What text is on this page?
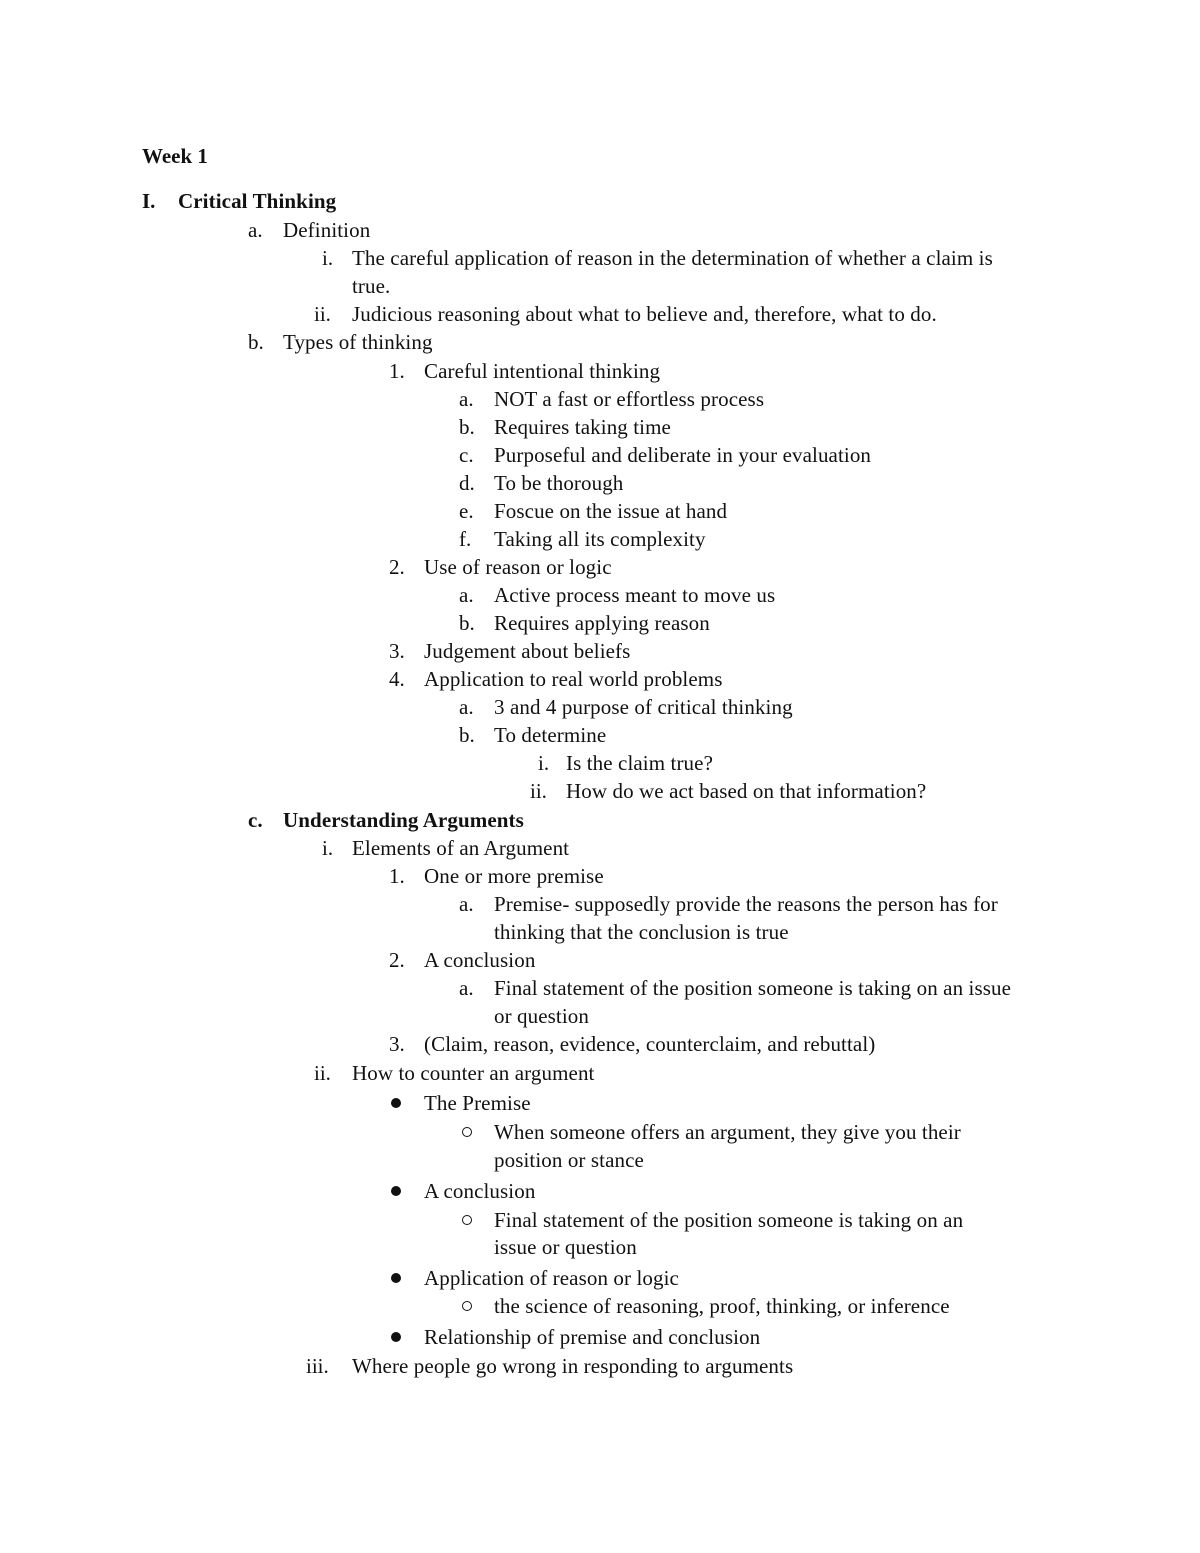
Week 1
I. Critical Thinking
a. Definition
i. The careful application of reason in the determination of whether a claim is
true.
ii. Judicious reasoning about what to believe and, therefore, what to do.
b. Types of thinking
1. Careful intentional thinking
a. NOT a fast or effortless process
b. Requires taking time
c. Purposeful and deliberate in your evaluation
d. To be thorough
e. Foscue on the issue at hand
f. Taking all its complexity
2. Use of reason or logic
a. Active process meant to move us
b. Requires applying reason
3. Judgement about beliefs
4. Application to real world problems
a. 3 and 4 purpose of critical thinking
b. To determine
i. Is the claim true?
ii. How do we act based on that information?
c. Understanding Arguments
i. Elements of an Argument
1. One or more premise
a. Premise- supposedly provide the reasons the person has for
thinking that the conclusion is true
2. A conclusion
a. Final statement of the position someone is taking on an issue
or question
3. (Claim, reason, evidence, counterclaim, and rebuttal)
ii. How to counter an argument
The Premise
When someone offers an argument, they give you their
position or stance
A conclusion
Final statement of the position someone is taking on an
issue or question
Application of reason or logic
the science of reasoning, proof, thinking, or inference
Relationship of premise and conclusion
iii. Where people go wrong in responding to arguments
